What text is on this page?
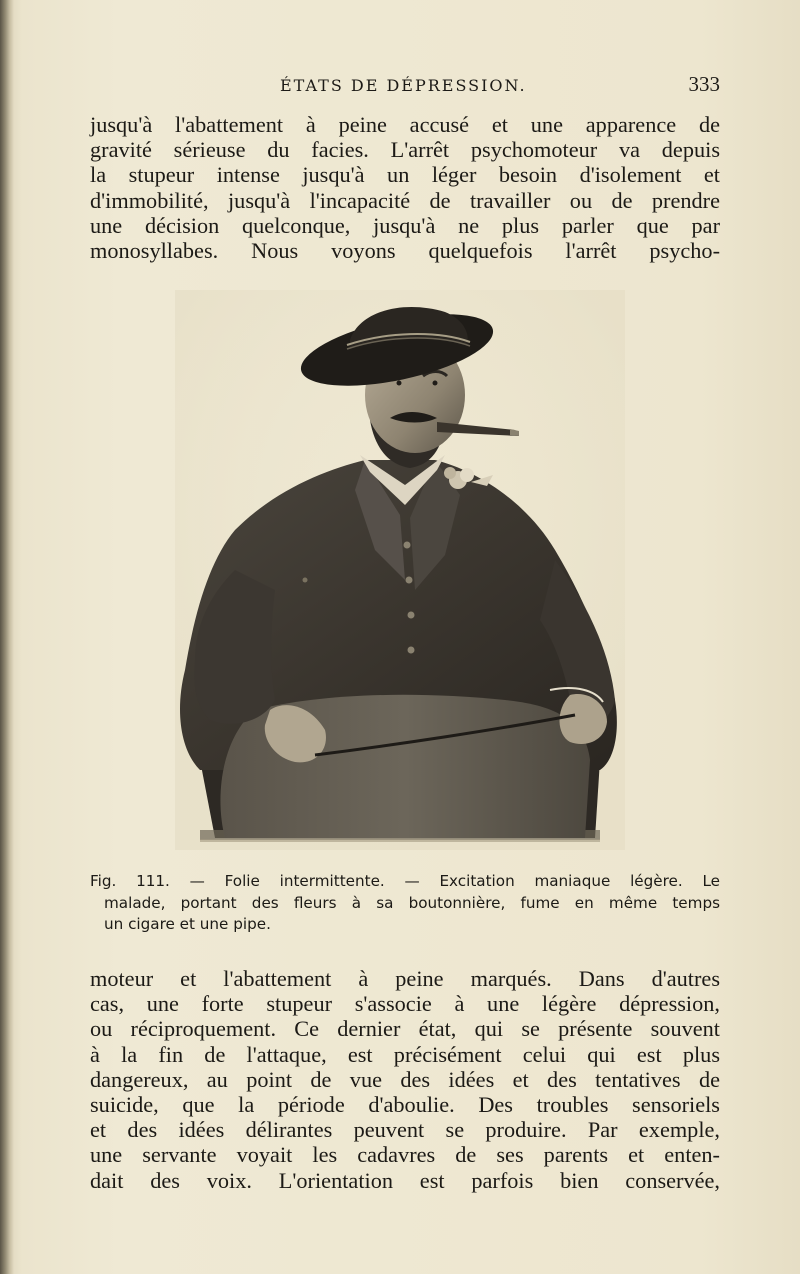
ÉTATS DE DÉPRESSION.	333
jusqu'à l'abattement à peine accusé et une apparence de
gravité sérieuse du facies. L'arrêt psychomoteur va depuis
la stupeur intense jusqu'à un léger besoin d'isolement et
d'immobilité, jusqu'à l'incapacité de travailler ou de prendre
une décision quelconque, jusqu'à ne plus parler que par
monosyllabes. Nous voyons quelquefois l'arrêt psycho-
Fig. 111. — Folie intermittente. — Excitation maniaque légère. Le
malade, portant des fleurs à sa boutonnière, fume en même temps
un cigare et une pipe.
moteur et l'abattement à peine marqués. Dans d'autres
cas, une forte stupeur s'associe à une légère dépression,
ou réciproquement. Ce dernier état, qui se présente souvent
à la fin de l'attaque, est précisément celui qui est plus
dangereux, au point de vue des idées et des tentatives de
suicide, que la période d'aboulie. Des troubles sensoriels
et des idées délirantes peuvent se produire. Par exemple,
une servante voyait les cadavres de ses parents et enten-
dait des voix. L'orientation est parfois bien conservée,
